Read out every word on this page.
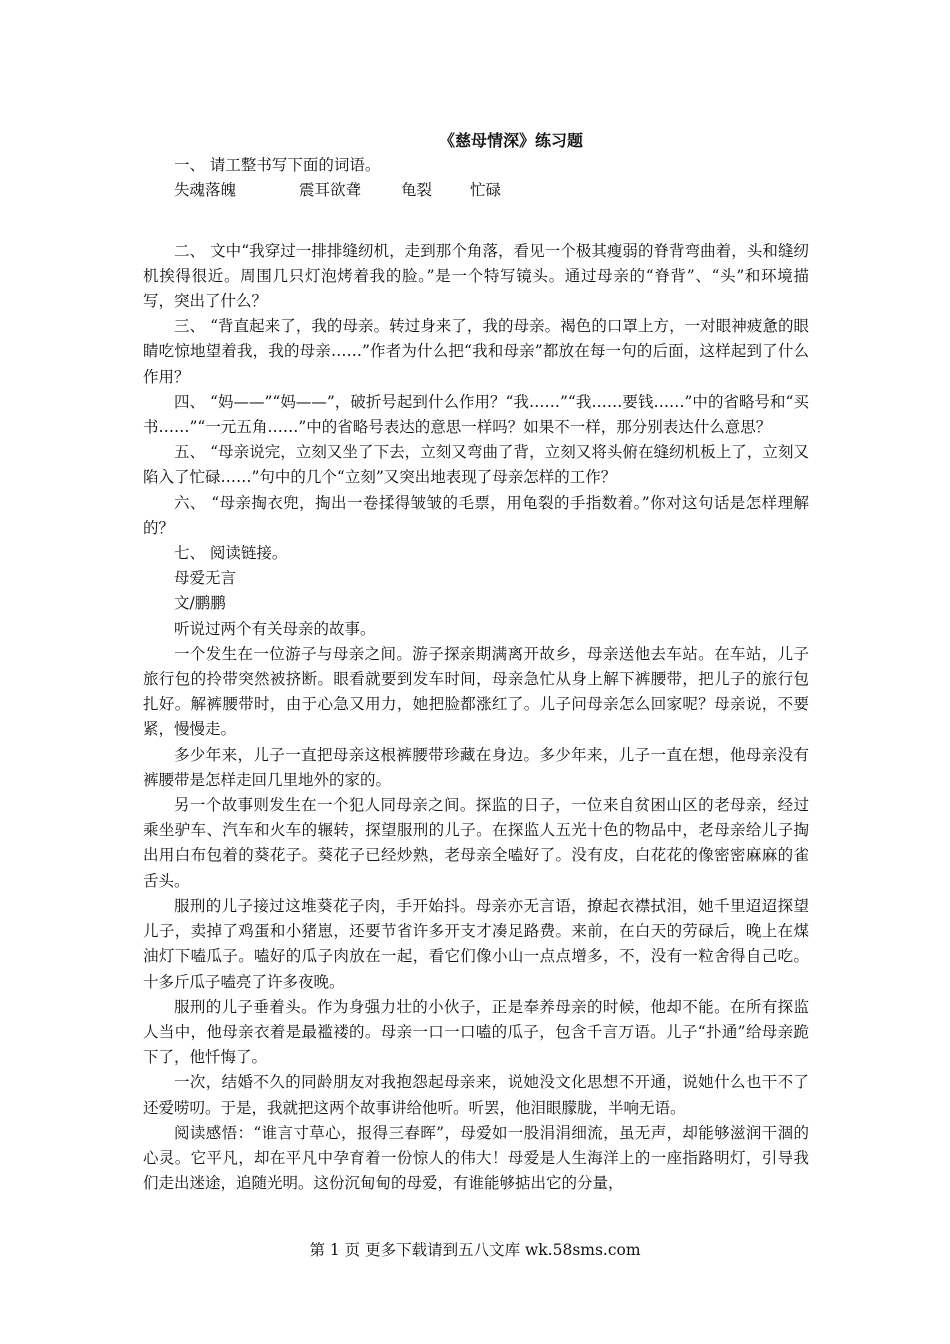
《慈母情深》练习题

一、 请工整书写下面的词语。

失魂落魄	震耳欲聋	龟裂 忙碌

二、 文中“我穿过一排排缝纫机，走到那个角落，看见一个极其瘦弱的脊背弯曲着，头和缝纫机挨得很近。周围几只灯泡烤着我的脸。”是一个特写镜头。通过母亲的“脊背”、“头”和环境描写，突出了什么？

三、 “背直起来了，我的母亲。转过身来了，我的母亲。褐色的口罩上方，一对眼神疲惫的眼睛吃惊地望着我，我的母亲……”作者为什么把“我和母亲”都放在每一句的后面，这样起到了什么作用？

四、 “妈——”“妈——”，破折号起到什么作用？“我……”“我……要钱……”中的省略号和“买书……”“一元五角……”中的省略号表达的意思一样吗？如果不一样，那分别表达什么意思？

五、 “母亲说完，立刻又坐了下去，立刻又弯曲了背，立刻又将头俯在缝纫机板上了，立刻又陷入了忙碌……”句中的几个“立刻”又突出地表现了母亲怎样的工作？

六、 “母亲掏衣兜，掏出一卷揉得皱皱的毛票，用龟裂的手指数着。”你对这句话是怎样理解的？

七、 阅读链接。

母爱无言

文/鹏鹏

听说过两个有关母亲的故事。

一个发生在一位游子与母亲之间。游子探亲期满离开故乡，母亲送他去车站。在车站，儿子旅行包的拎带突然被挤断。眼看就要到发车时间，母亲急忙从身上解下裤腰带，把儿子的旅行包扎好。解裤腰带时，由于心急又用力，她把脸都涨红了。儿子问母亲怎么回家呢？母亲说，不要紧，慢慢走。

多少年来，儿子一直把母亲这根裤腰带珍藏在身边。多少年来，儿子一直在想，他母亲没有裤腰带是怎样走回几里地外的家的。

另一个故事则发生在一个犯人同母亲之间。探监的日子，一位来自贫困山区的老母亲，经过乘坐驴车、汽车和火车的辗转，探望服刑的儿子。在探监人五光十色的物品中，老母亲给儿子掏出用白布包着的葵花子。葵花子已经炒熟，老母亲全嗑好了。没有皮，白花花的像密密麻麻的雀舌头。

服刑的儿子接过这堆葵花子肉，手开始抖。母亲亦无言语，撩起衣襟拭泪，她千里迢迢探望儿子，卖掉了鸡蛋和小猪崽，还要节省许多开支才凑足路费。来前，在白天的劳碌后，晚上在煤油灯下嗑瓜子。嗑好的瓜子肉放在一起，看它们像小山一点点增多，不，没有一粒舍得自己吃。十多斤瓜子嗑亮了许多夜晚。

服刑的儿子垂着头。作为身强力壮的小伙子，正是奉养母亲的时候，他却不能。在所有探监人当中，他母亲衣着是最褴褛的。母亲一口一口嗑的瓜子，包含千言万语。儿子“扑通”给母亲跪下了，他忏悔了。

一次，结婚不久的同龄朋友对我抱怨起母亲来，说她没文化思想不开通，说她什么也干不了还爱唠叨。于是，我就把这两个故事讲给他听。听罢，他泪眼朦胧，半响无语。

阅读感悟：“谁言寸草心，报得三春晖”，母爱如一股涓涓细流，虽无声，却能够滋润干涸的心灵。它平凡，却在平凡中孕育着一份惊人的伟大！母爱是人生海洋上的一座指路明灯，引导我们走出迷途，追随光明。这份沉甸甸的母爱，有谁能够掂出它的分量，

第 1 页 更多下载请到五八文库 wk.58sms.com
